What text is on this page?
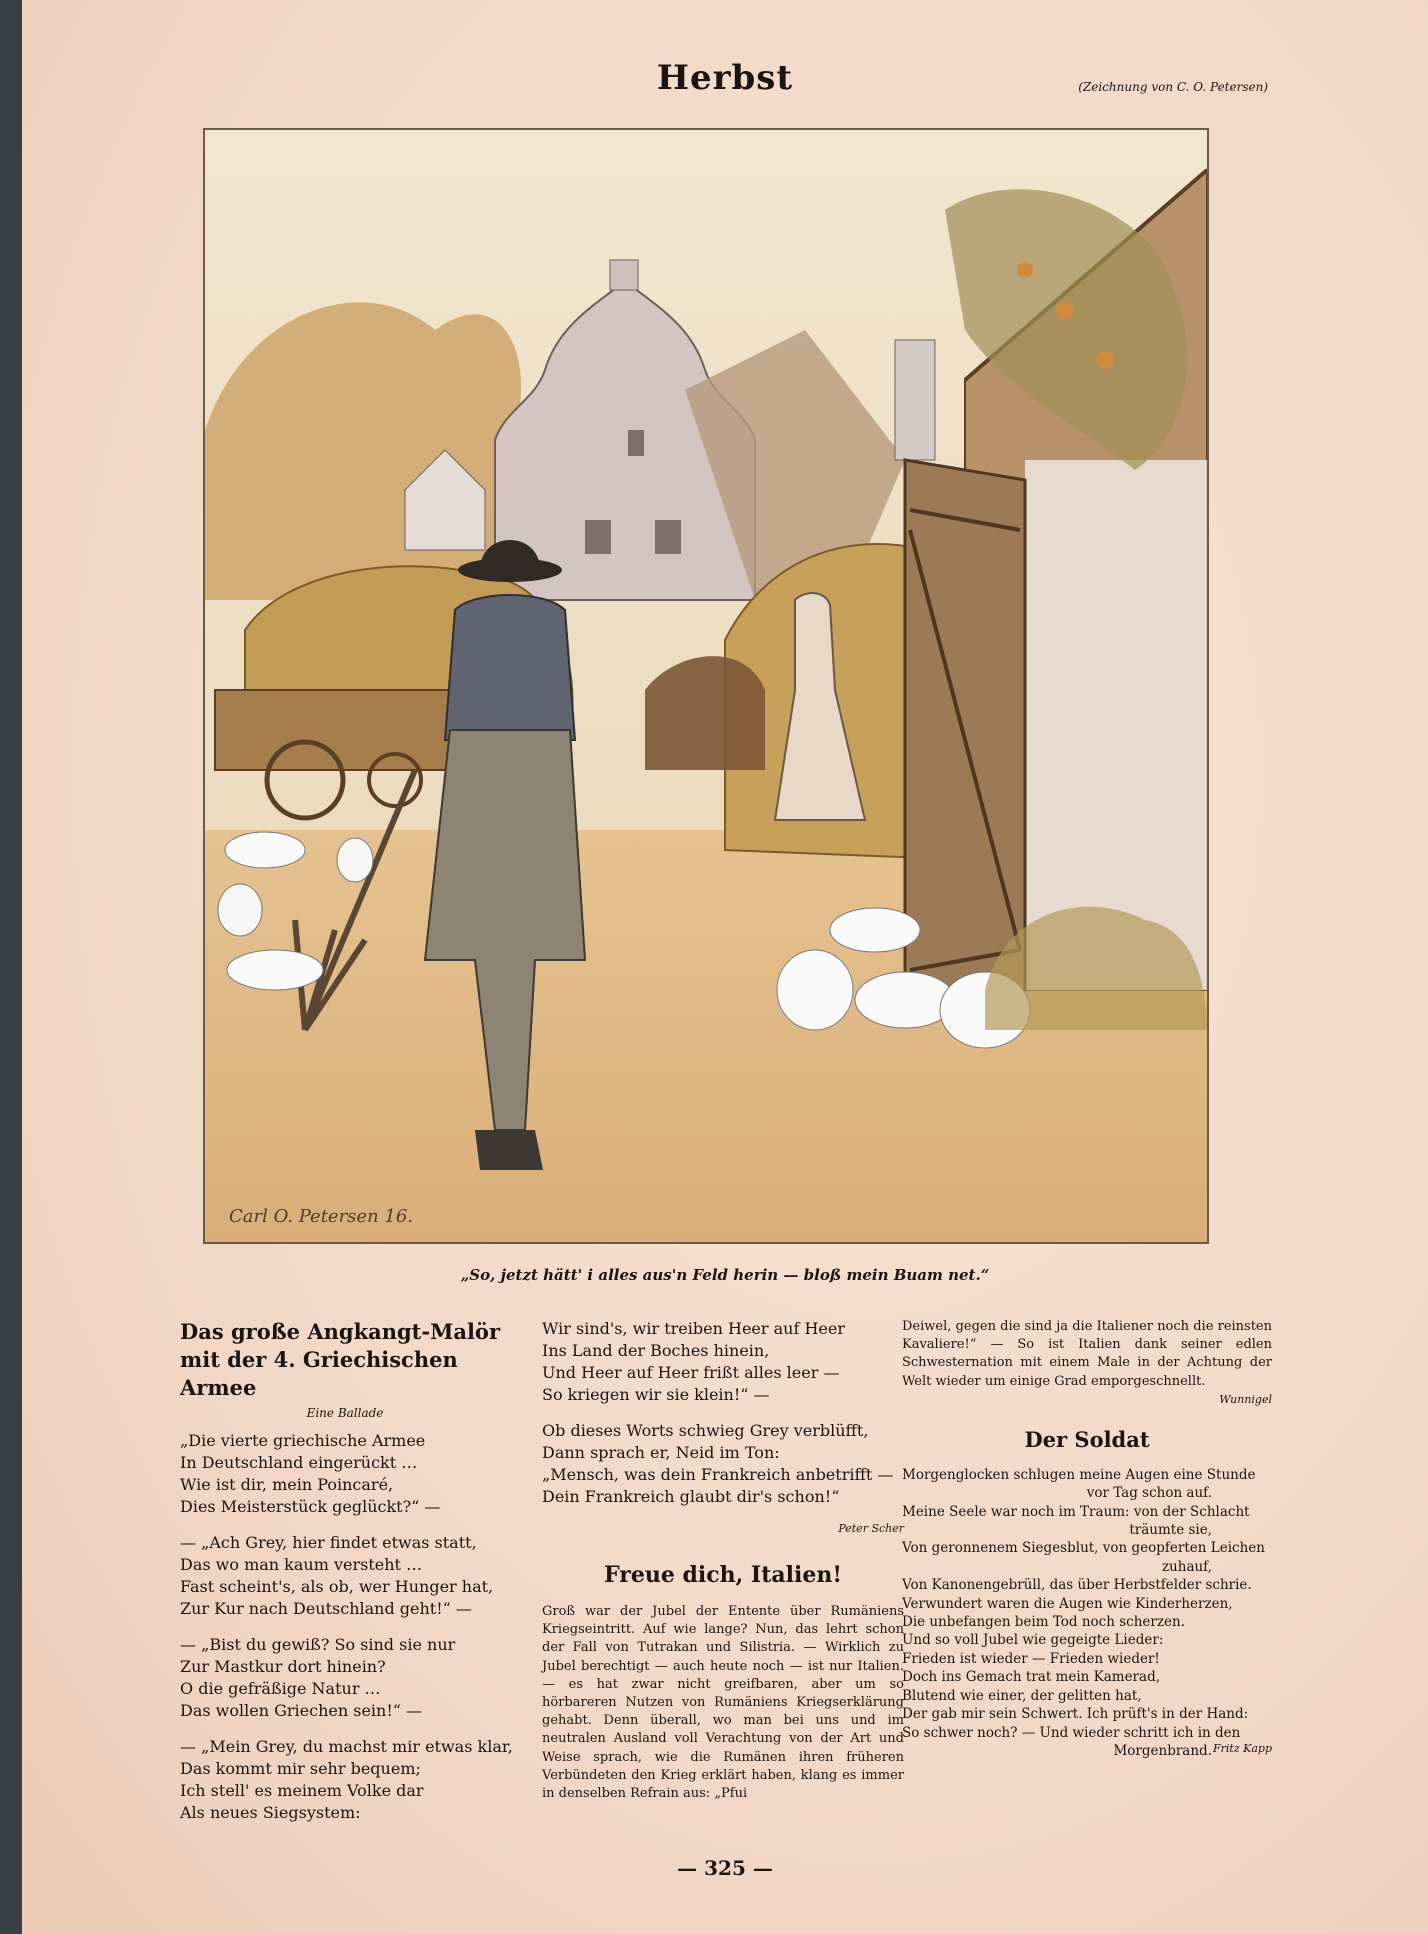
Herbst	(Zeichnung von C. O. Petersen)
Carl O. Petersen 16.
„So, jetzt hätt' i alles aus'n Feld herin — bloß mein Buam net.“
Das große Angkangt-Malör
mit der 4. Griechischen Armee
Eine Ballade
„Die vierte griechische Armee
In Deutschland eingerückt …
Wie ist dir, mein Poincaré,
Dies Meisterstück geglückt?“ —
— „Ach Grey, hier findet etwas statt,
Das wo man kaum versteht …
Fast scheint's, als ob, wer Hunger hat,
Zur Kur nach Deutschland geht!“ —
— „Bist du gewiß? So sind sie nur
Zur Mastkur dort hinein?
O die gefräßige Natur …
Das wollen Griechen sein!“ —
— „Mein Grey, du machst mir etwas klar,
Das kommt mir sehr bequem;
Ich stell' es meinem Volke dar
Als neues Siegsystem:
Wir sind's, wir treiben Heer auf Heer
Ins Land der Boches hinein,
Und Heer auf Heer frißt alles leer —
So kriegen wir sie klein!“ —
Ob dieses Worts schwieg Grey verblüfft,
Dann sprach er, Neid im Ton:
„Mensch, was dein Frankreich anbetrifft —
Dein Frankreich glaubt dir's schon!“
Peter Scher
Freue dich, Italien!

Groß war der Jubel der Entente über Rumäniens Kriegseintritt. Auf wie lange? Nun, das lehrt schon der Fall von Tutrakan und Silistria. — Wirklich zu Jubel berechtigt — auch heute noch — ist nur Italien. — es hat zwar nicht greifbaren, aber um so hörbareren Nutzen von Rumäniens Kriegserklärung gehabt. Denn überall, wo man bei uns und im neutralen Ausland voll Verachtung von der Art und Weise sprach, wie die Rumänen ihren früheren Verbündeten den Krieg erklärt haben, klang es immer in denselben Refrain aus: „Pfui

Deiwel, gegen die sind ja die Italiener noch die reinsten Kavaliere!“ — So ist Italien dank seiner edlen Schwesternation mit einem Male in der Achtung der Welt wieder um einige Grad emporgeschnellt.

Wunnigel
Der Soldat
Morgenglocken schlugen meine Augen eine Stunde
vor Tag schon auf.
Meine Seele war noch im Traum: von der Schlacht
träumte sie,
Von geronnenem Siegesblut, von geopferten Leichen
zuhauf,
Von Kanonengebrüll, das über Herbstfelder schrie.
Verwundert waren die Augen wie Kinderherzen,
Die unbefangen beim Tod noch scherzen.
Und so voll Jubel wie gegeigte Lieder:
Frieden ist wieder — Frieden wieder!
Doch ins Gemach trat mein Kamerad,
Blutend wie einer, der gelitten hat,
Der gab mir sein Schwert. Ich prüft's in der Hand:
So schwer noch? — Und wieder schritt ich in den
Morgenbrand. Fritz Kapp
— 325 —
